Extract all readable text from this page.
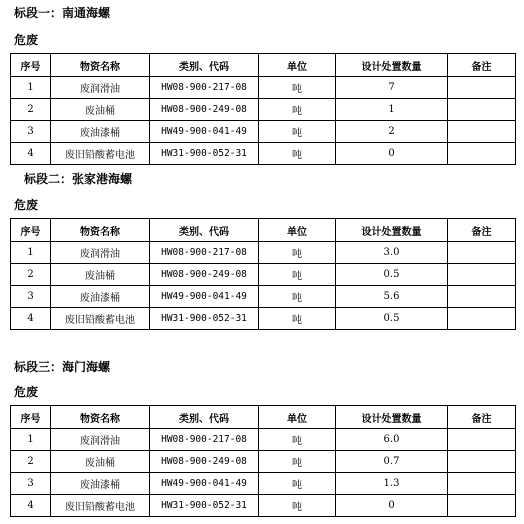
标段一：南通海螺
危废
序号	物资名称	类别、代码	单位	设计处置数量	备注
1	废润滑油	HW08-900-217-08	吨	7	
2	废油桶	HW08-900-249-08	吨	1	
3	废油漆桶	HW49-900-041-49	吨	2	
4	废旧铅酸蓄电池	HW31-900-052-31	吨	0	
标段二：张家港海螺
危废
序号	物资名称	类别、代码	单位	设计处置数量	备注
1	废润滑油	HW08-900-217-08	吨	3.0	
2	废油桶	HW08-900-249-08	吨	0.5	
3	废油漆桶	HW49-900-041-49	吨	5.6	
4	废旧铅酸蓄电池	HW31-900-052-31	吨	0.5	
标段三：海门海螺
危废
序号	物资名称	类别、代码	单位	设计处置数量	备注
1	废润滑油	HW08-900-217-08	吨	6.0	
2	废油桶	HW08-900-249-08	吨	0.7	
3	废油漆桶	HW49-900-041-49	吨	1.3	
4	废旧铅酸蓄电池	HW31-900-052-31	吨	0	
